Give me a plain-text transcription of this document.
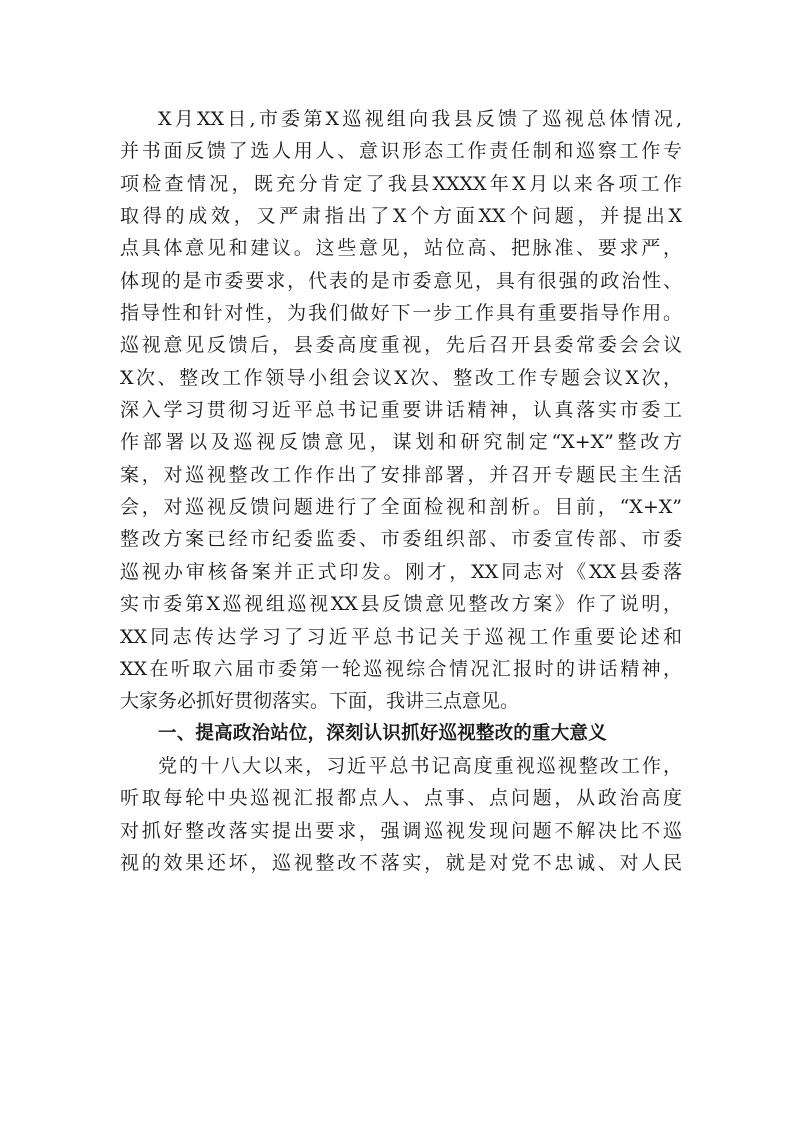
X月XX日,市委第X巡视组向我县反馈了巡视总体情况,
并书面反馈了选人用人、意识形态工作责任制和巡察工作专
项检查情况，既充分肯定了我县XXXX年X月以来各项工作
取得的成效，又严肃指出了X个方面XX个问题，并提出X
点具体意见和建议。这些意见，站位高、把脉准、要求严，
体现的是市委要求，代表的是市委意见，具有很强的政治性、
指导性和针对性，为我们做好下一步工作具有重要指导作用。
巡视意见反馈后，县委高度重视，先后召开县委常委会会议
X次、整改工作领导小组会议X次、整改工作专题会议X次，
深入学习贯彻习近平总书记重要讲话精神，认真落实市委工
作部署以及巡视反馈意见，谋划和研究制定“X+X”整改方
案，对巡视整改工作作出了安排部署，并召开专题民主生活
会，对巡视反馈问题进行了全面检视和剖析。目前，“X+X”
整改方案已经市纪委监委、市委组织部、市委宣传部、市委
巡视办审核备案并正式印发。刚才，XX同志对《XX县委落
实市委第X巡视组巡视XX县反馈意见整改方案》作了说明，
XX同志传达学习了习近平总书记关于巡视工作重要论述和
XX在听取六届市委第一轮巡视综合情况汇报时的讲话精神，
大家务必抓好贯彻落实。下面，我讲三点意见。
一、提高政治站位，深刻认识抓好巡视整改的重大意义
党的十八大以来，习近平总书记高度重视巡视整改工作，
听取每轮中央巡视汇报都点人、点事、点问题，从政治高度
对抓好整改落实提出要求，强调巡视发现问题不解决比不巡
视的效果还坏，巡视整改不落实，就是对党不忠诚、对人民
